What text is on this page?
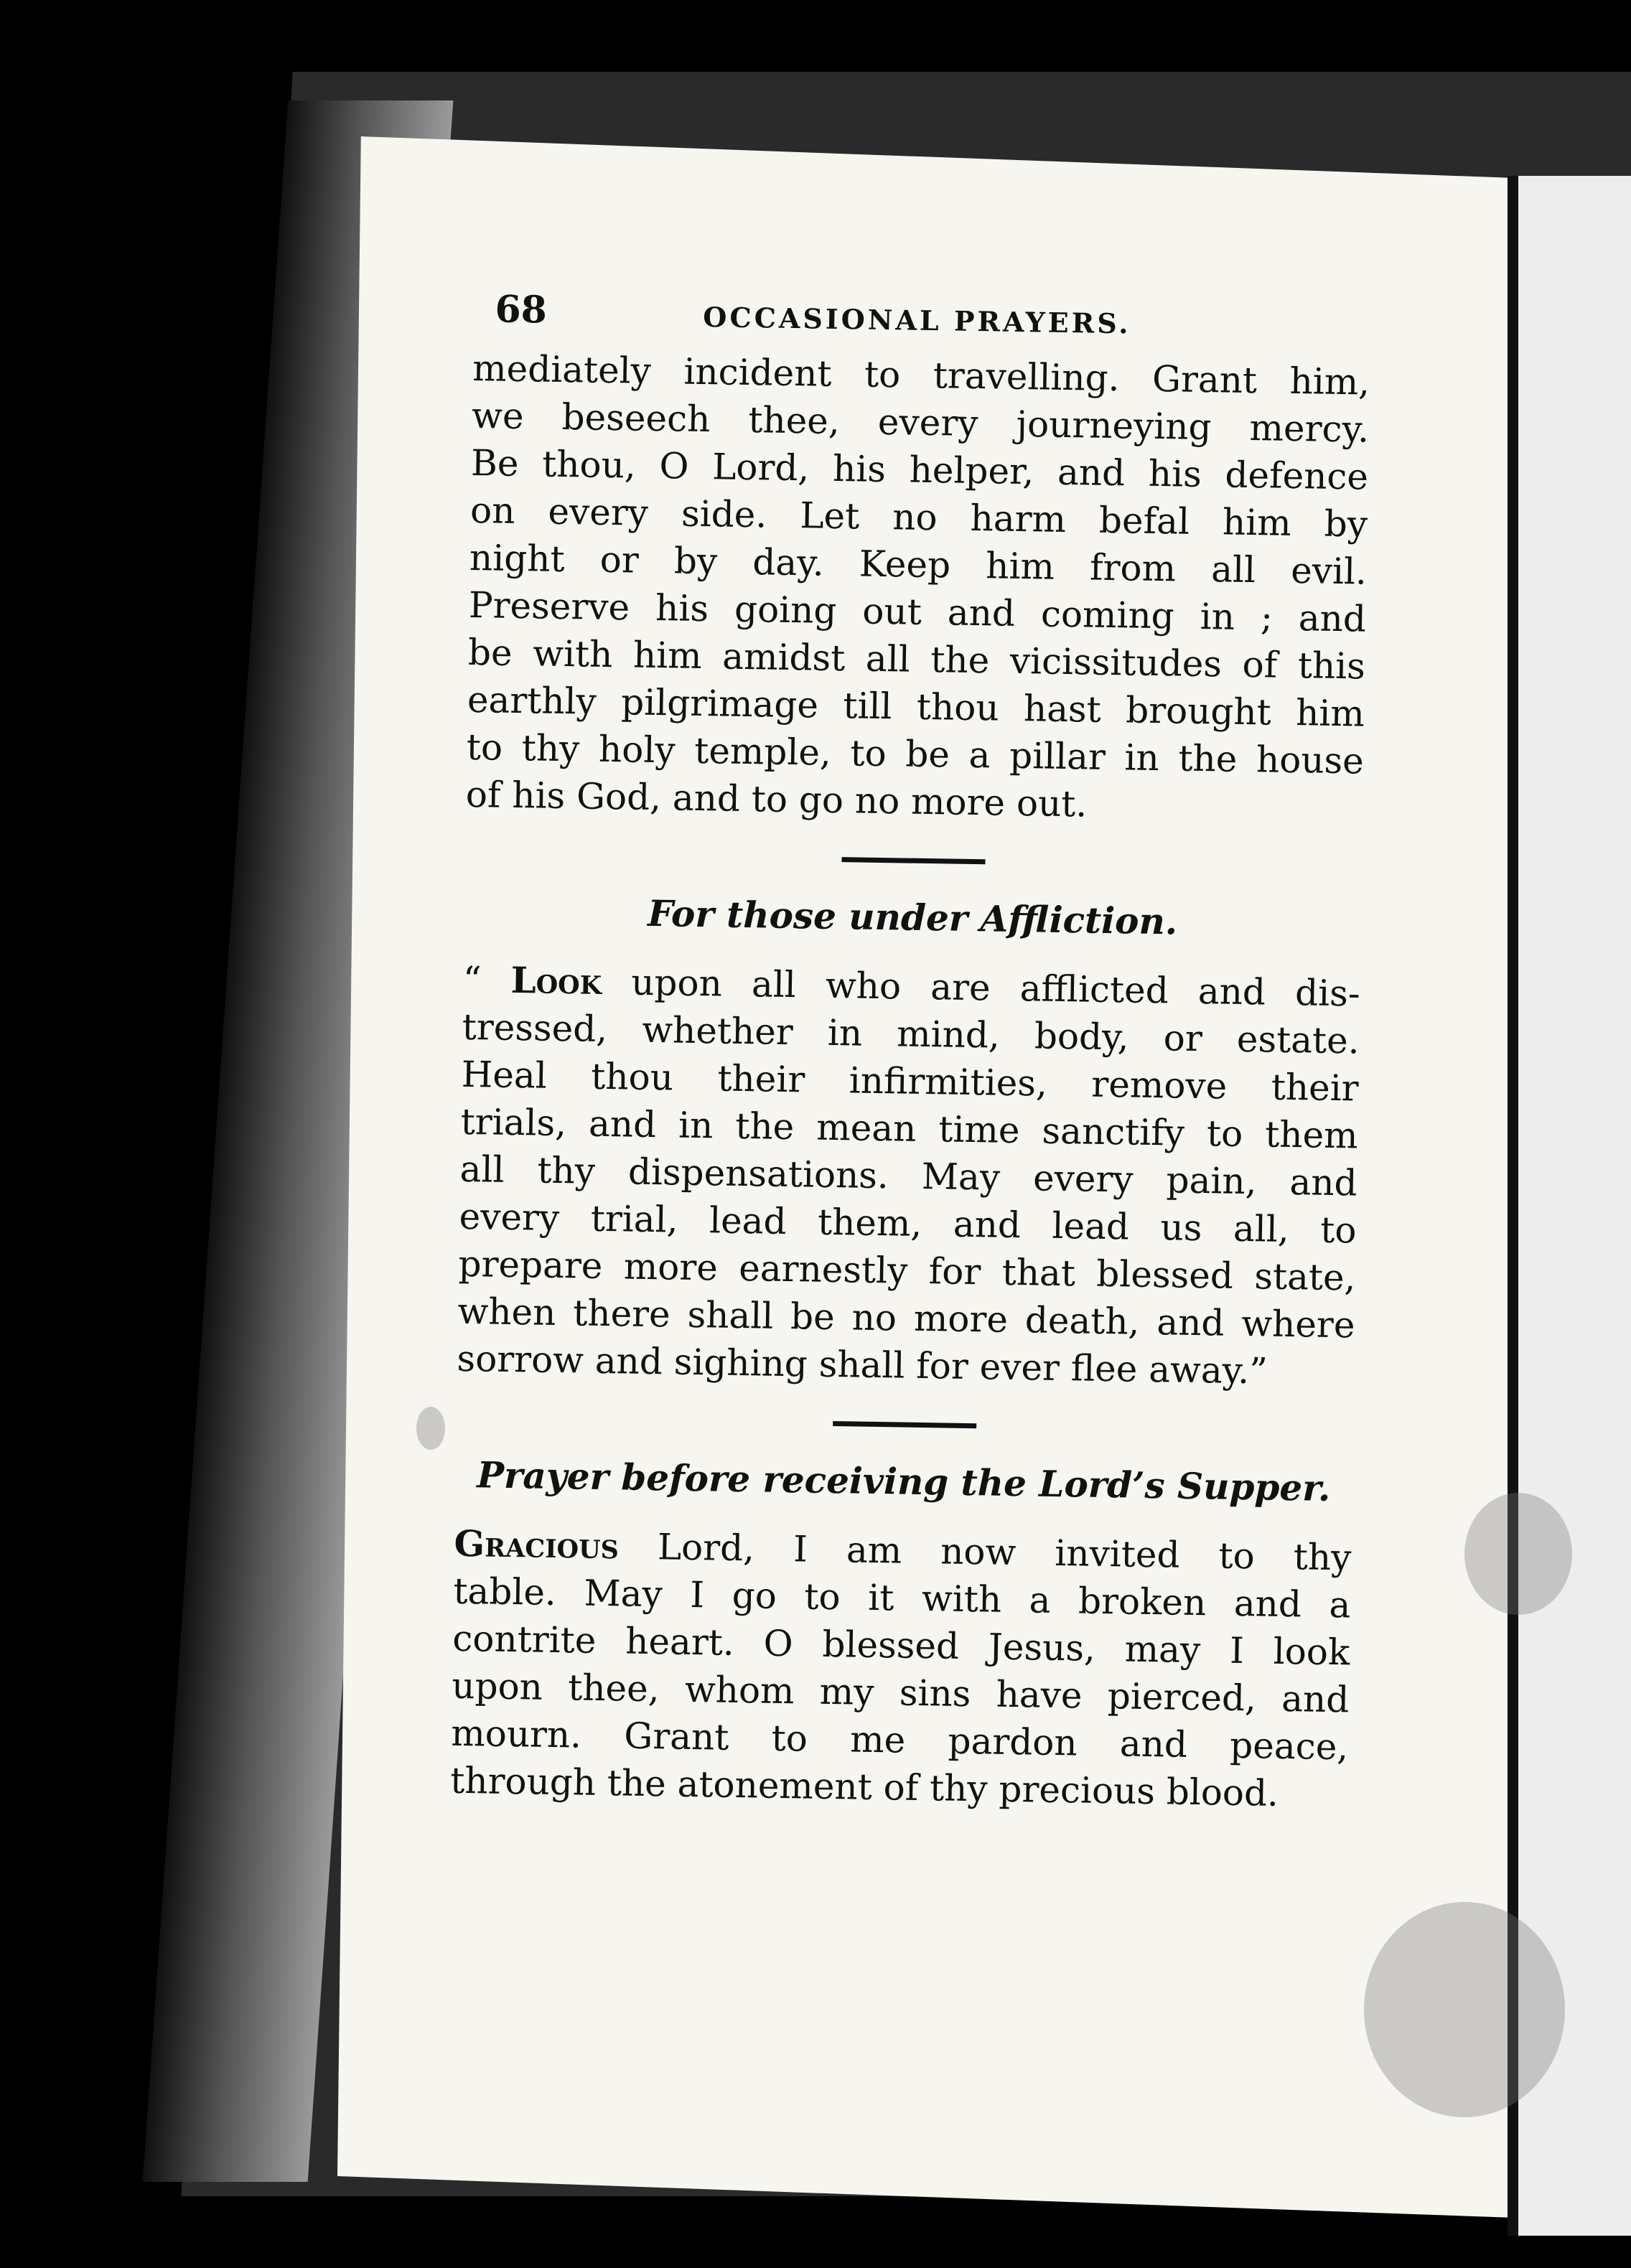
68	OCCASIONAL PRAYERS.

mediately incident to travelling. Grant him,
we beseech thee, every journeying mercy.
Be thou, O Lord, his helper, and his defence
on every side. Let no harm befal him by
night or by day. Keep him from all evil.
Preserve his going out and coming in ; and
be with him amidst all the vicissitudes of this
earthly pilgrimage till thou hast brought him
to thy holy temple, to be a pillar in the house
of his God, and to go no more out.

For those under Affliction.

“ Look upon all who are afflicted and dis-
tressed, whether in mind, body, or estate.
Heal thou their infirmities, remove their
trials, and in the mean time sanctify to them
all thy dispensations. May every pain, and
every trial, lead them, and lead us all, to
prepare more earnestly for that blessed state,
when there shall be no more death, and where
sorrow and sighing shall for ever flee away.”

Prayer before receiving the Lord’s Supper.

Gracious Lord, I am now invited to thy
table. May I go to it with a broken and a
contrite heart. O blessed Jesus, may I look
upon thee, whom my sins have pierced, and
mourn. Grant to me pardon and peace,
through the atonement of thy precious blood.
